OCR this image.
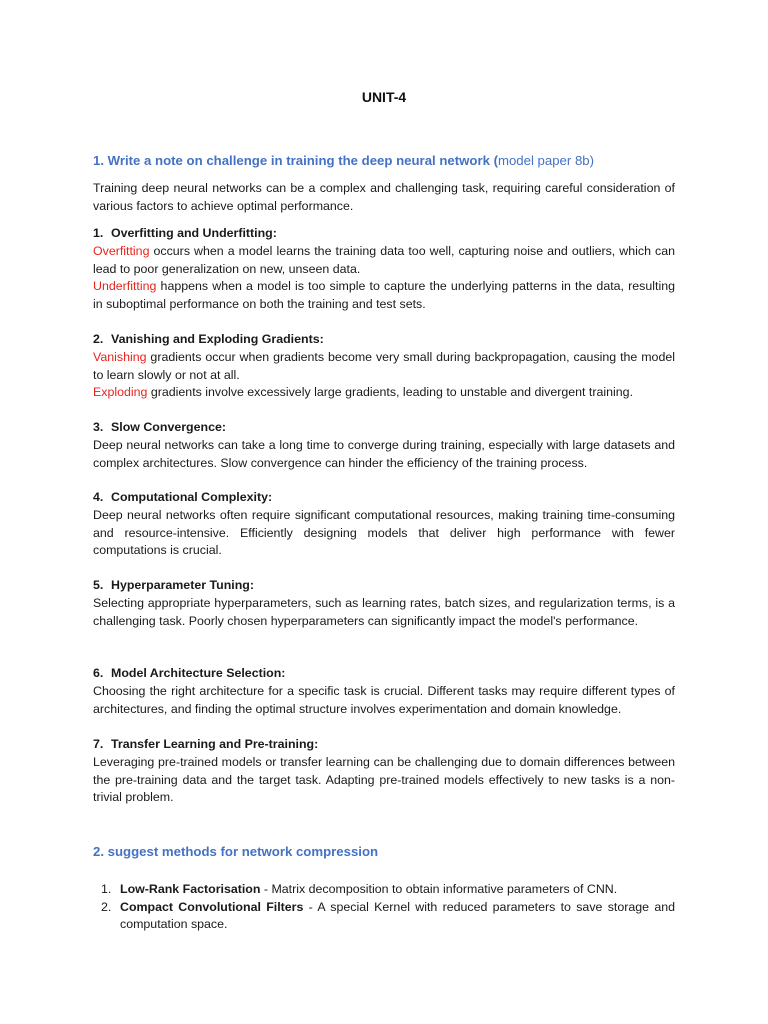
UNIT-4
1. Write a note on challenge in training the deep neural network (model paper 8b)

Training deep neural networks can be a complex and challenging task, requiring careful consideration of various factors to achieve optimal performance.

1. Overfitting and Underfitting:

Overfitting occurs when a model learns the training data too well, capturing noise and outliers, which can lead to poor generalization on new, unseen data.

Underfitting happens when a model is too simple to capture the underlying patterns in the data, resulting in suboptimal performance on both the training and test sets.

2. Vanishing and Exploding Gradients:

Vanishing gradients occur when gradients become very small during backpropagation, causing the model to learn slowly or not at all.

Exploding gradients involve excessively large gradients, leading to unstable and divergent training.

3. Slow Convergence:

Deep neural networks can take a long time to converge during training, especially with large datasets and complex architectures. Slow convergence can hinder the efficiency of the training process.

4. Computational Complexity:

Deep neural networks often require significant computational resources, making training time-consuming and resource-intensive. Efficiently designing models that deliver high performance with fewer computations is crucial.

5. Hyperparameter Tuning:

Selecting appropriate hyperparameters, such as learning rates, batch sizes, and regularization terms, is a challenging task. Poorly chosen hyperparameters can significantly impact the model's performance.

6. Model Architecture Selection:

Choosing the right architecture for a specific task is crucial. Different tasks may require different types of architectures, and finding the optimal structure involves experimentation and domain knowledge.

7. Transfer Learning and Pre-training:

Leveraging pre-trained models or transfer learning can be challenging due to domain differences between the pre-training data and the target task. Adapting pre-trained models effectively to new tasks is a non-trivial problem.

2. suggest methods for network compression
1. Low-Rank Factorisation - Matrix decomposition to obtain informative parameters of CNN.
2. Compact Convolutional Filters - A special Kernel with reduced parameters to save storage and computation space.
